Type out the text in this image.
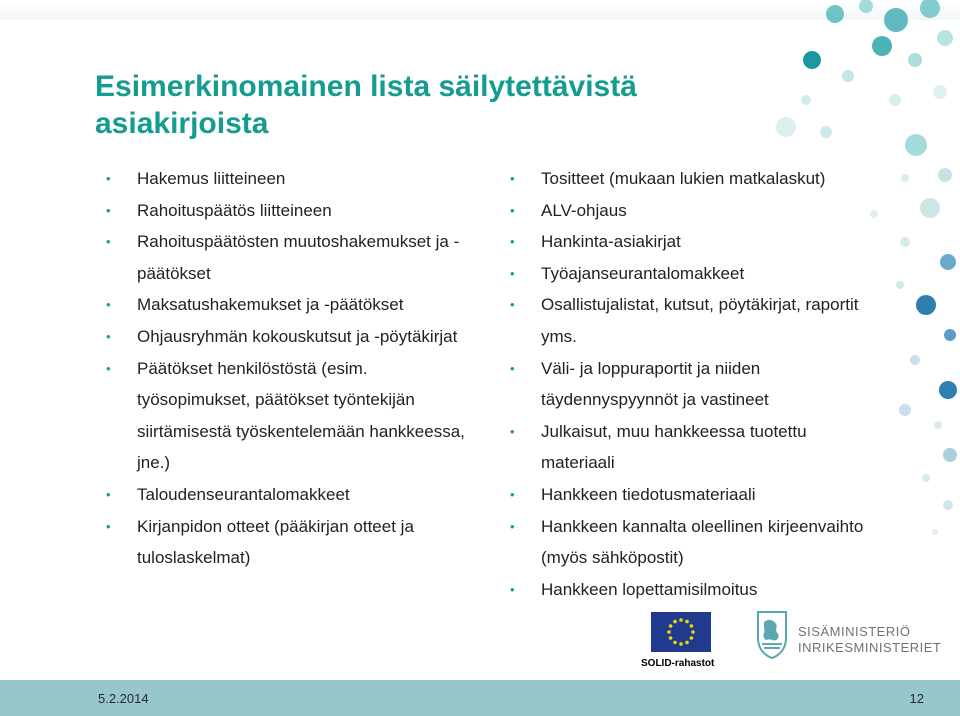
Esimerkinomainen lista säilytettävistä
asiakirjoista
• Hakemus liitteineen
• Rahoituspäätös liitteineen
• Rahoituspäätösten muutoshakemukset ja -
päätökset
• Maksatushakemukset ja -päätökset
• Ohjausryhmän kokouskutsut ja -pöytäkirjat
• Päätökset henkilöstöstä (esim.
työsopimukset, päätökset työntekijän
siirtämisestä työskentelemään hankkeessa,
jne.)
• Taloudenseurantalomakkeet
• Kirjanpidon otteet (pääkirjan otteet ja
tuloslaskelmat)
• Tositteet (mukaan lukien matkalaskut)
• ALV-ohjaus
• Hankinta-asiakirjat
• Työajanseurantalomakkeet
• Osallistujalistat, kutsut, pöytäkirjat, raportit
yms.
• Väli- ja loppuraportit ja niiden
täydennyspyynnöt ja vastineet
• Julkaisut, muu hankkeessa tuotettu
materiaali
• Hankkeen tiedotusmateriaali
• Hankkeen kannalta oleellinen kirjeenvaihto
(myös sähköpostit)
• Hankkeen lopettamisilmoitus
SOLID-rahastot
SISÄMINISTERIÖ
INRIKESMINISTERIET
5.2.2014	12
